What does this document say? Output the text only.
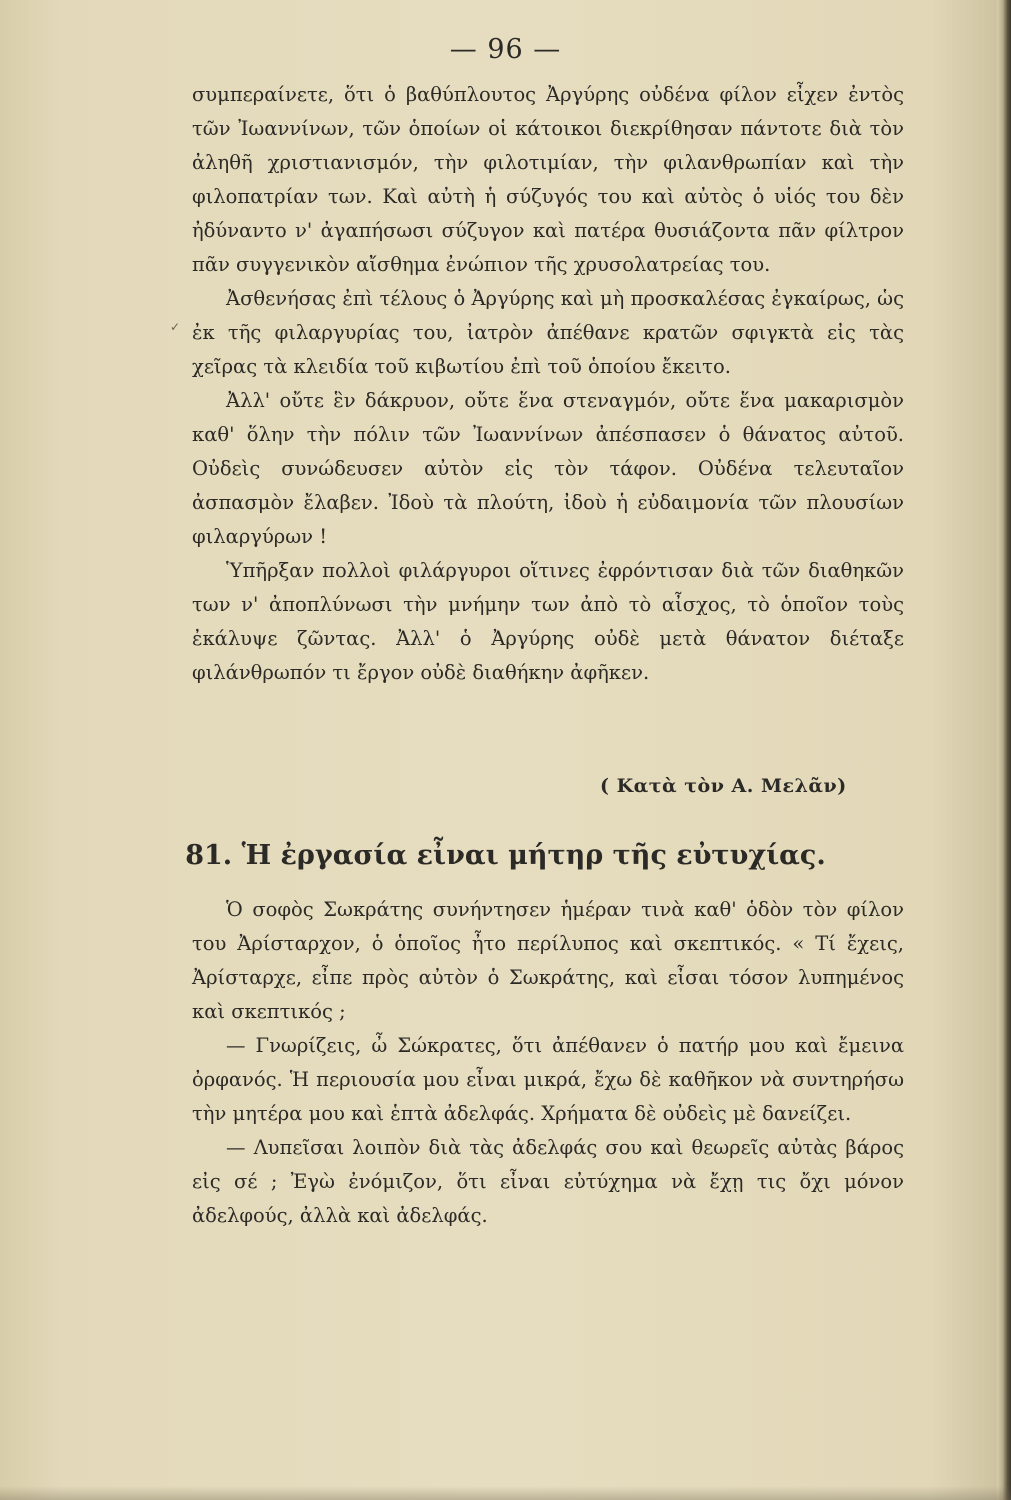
— 96 —
✓

συμπεραίνετε, ὅτι ὁ βαθύπλουτος Ἀργύρης οὐδένα φίλον εἶχεν ἐντὸς τῶν Ἰωαννίνων, τῶν ὁποίων οἱ κάτοικοι διεκρίθησαν πάντοτε διὰ τὸν ἀληθῆ χριστιανισμόν, τὴν φιλοτιμίαν, τὴν φιλανθρωπίαν καὶ τὴν φιλοπατρίαν των. Καὶ αὐτὴ ἡ σύζυγός του καὶ αὐτὸς ὁ υἱός του δὲν ἠδύναντο ν' ἀγαπήσωσι σύζυγον καὶ πατέρα θυσιάζοντα πᾶν φίλτρον πᾶν συγγενικὸν αἴσθημα ἐνώπιον τῆς χρυσολατρείας του.

Ἀσθενήσας ἐπὶ τέλους ὁ Ἀργύρης καὶ μὴ προσκαλέσας ἐγκαίρως, ὡς ἐκ τῆς φιλαργυρίας του, ἰατρὸν ἀπέθανε κρατῶν σφιγκτὰ εἰς τὰς χεῖρας τὰ κλειδία τοῦ κιβωτίου ἐπὶ τοῦ ὁποίου ἔκειτο.

Ἀλλ' οὔτε ἓν δάκρυον, οὔτε ἕνα στεναγμόν, οὔτε ἕνα μακαρισμὸν καθ' ὅλην τὴν πόλιν τῶν Ἰωαννίνων ἀπέσπασεν ὁ θάνατος αὐτοῦ. Οὐδεὶς συνώδευσεν αὐτὸν εἰς τὸν τάφον. Οὐδένα τελευταῖον ἀσπασμὸν ἔλαβεν. Ἰδοὺ τὰ πλούτη, ἰδοὺ ἡ εὐδαιμονία τῶν πλουσίων φιλαργύρων !

Ὑπῆρξαν πολλοὶ φιλάργυροι οἵτινες ἐφρόντισαν διὰ τῶν διαθηκῶν των ν' ἀποπλύνωσι τὴν μνήμην των ἀπὸ τὸ αἶσχος, τὸ ὁποῖον τοὺς ἐκάλυψε ζῶντας. Ἀλλ' ὁ Ἀργύρης οὐδὲ μετὰ θάνατον διέταξε φιλάνθρωπόν τι ἔργον οὐδὲ διαθήκην ἀφῆκεν.

( Κατὰ τὸν Α. Μελᾶν)
81. Ἡ ἐργασία εἶναι μήτηρ τῆς εὐτυχίας.

Ὁ σοφὸς Σωκράτης συνήντησεν ἡμέραν τινὰ καθ' ὁδὸν τὸν φίλον του Ἀρίσταρχον, ὁ ὁποῖος ἦτο περίλυπος καὶ σκεπτικός. « Τί ἔχεις, Ἀρίσταρχε, εἶπε πρὸς αὐτὸν ὁ Σωκράτης, καὶ εἶσαι τόσον λυπημένος καὶ σκεπτικός ;

— Γνωρίζεις, ὦ Σώκρατες, ὅτι ἀπέθανεν ὁ πατήρ μου καὶ ἔμεινα ὀρφανός. Ἡ περιουσία μου εἶναι μικρά, ἔχω δὲ καθῆκον νὰ συντηρήσω τὴν μητέρα μου καὶ ἑπτὰ ἀδελφάς. Χρήματα δὲ οὐδεὶς μὲ δανείζει.

— Λυπεῖσαι λοιπὸν διὰ τὰς ἀδελφάς σου καὶ θεωρεῖς αὐτὰς βάρος εἰς σέ ; Ἐγὼ ἐνόμιζον, ὅτι εἶναι εὐτύχημα νὰ ἔχῃ τις ὄχι μόνον ἀδελφούς, ἀλλὰ καὶ ἀδελφάς.
